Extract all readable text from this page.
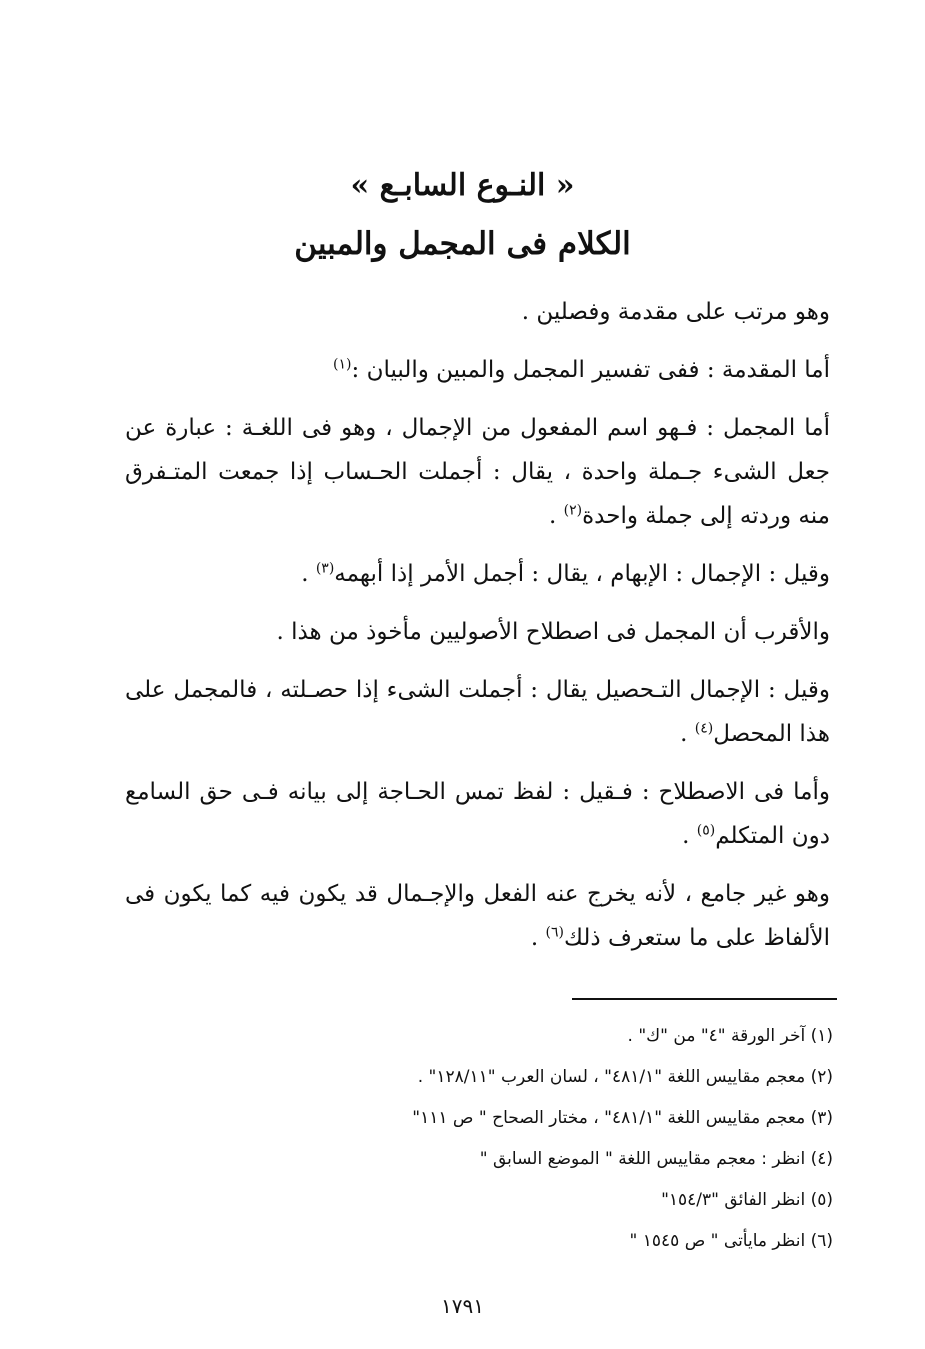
« النـوع السابـع »
الكلام فى المجمل والمبين

وهو مرتب على مقدمة وفصلين .

أما المقدمة : ففى تفسير المجمل والمبين والبيان :$^{(١)}$

أما المجمل : فـهو اسم المفعول من الإجمال ، وهو فى اللغـة : عبارة عن جعل الشىء جـملة واحدة ، يقال : أجملت الحـساب إذا جمعت المتـفرق منه وردته إلى جملة واحدة$^{(٢)}$ .

وقيل : الإجمال : الإبهام ، يقال : أجمل الأمر إذا أبهمه$^{(٣)}$ .

والأقرب أن المجمل فى اصطلاح الأصوليين مأخوذ من هذا .

وقيل : الإجمال التـحصيل يقال : أجملت الشىء إذا حصـلته ، فالمجمل على هذا المحصل$^{(٤)}$ .

وأما فى الاصطلاح : فـقيل : لفظ تمس الحـاجة إلى بيانه فـى حق السامع دون المتكلم$^{(٥)}$ .

وهو غير جامع ، لأنه يخرج عنه الفعل والإجـمال قد يكون فيه كما يكون فى الألفاظ على ما ستعرف ذلك$^{(٦)}$ .

(١) آخر الورقة "٤" من "ك" .

(٢) معجم مقاييس اللغة "٤٨١/١" ، لسان العرب "١٢٨/١١" .

(٣) معجم مقاييس اللغة "٤٨١/١" ، مختار الصحاح " ص ١١١"

(٤) انظر : معجم مقاييس اللغة " الموضع السابق "

(٥) انظر الفائق "١٥٤/٣"

(٦) انظر مايأتى " ص ١٥٤٥ "

١٧٩١
